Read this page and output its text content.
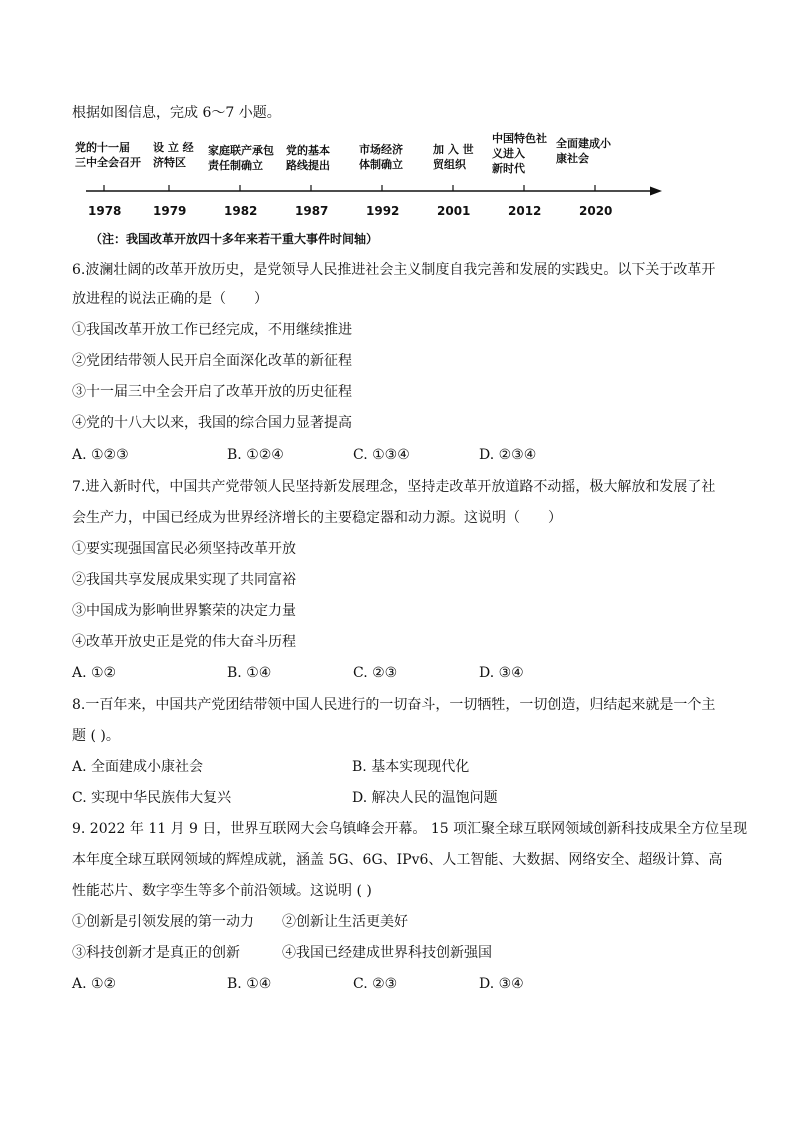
根据如图信息，完成 6～7 小题。
党的十一届
三中全会召开
设 立 经
济特区
家庭联产承包
责任制确立
党的基本
路线提出
市场经济
体制确立
加 入 世
贸组织
中国特色社
义进入
新时代
全面建成小
康社会
1978	1979	1982	1987	1992	2001	2012	2020
（注：我国改革开放四十多年来若干重大事件时间轴）
6.波澜壮阔的改革开放历史，是党领导人民推进社会主义制度自我完善和发展的实践史。以下关于改革开
放进程的说法正确的是（　　）
①我国改革开放工作已经完成，不用继续推进
②党团结带领人民开启全面深化改革的新征程
③十一届三中全会开启了改革开放的历史征程
④党的十八大以来，我国的综合国力显著提高
A. ①②③	B. ①②④	C. ①③④	D. ②③④
7.进入新时代，中国共产党带领人民坚持新发展理念，坚持走改革开放道路不动摇，极大解放和发展了社
会生产力，中国已经成为世界经济增长的主要稳定器和动力源。这说明（　　）
①要实现强国富民必须坚持改革开放
②我国共享发展成果实现了共同富裕
③中国成为影响世界繁荣的决定力量
④改革开放史正是党的伟大奋斗历程
A. ①②	B. ①④	C. ②③	D. ③④
8.一百年来，中国共产党团结带领中国人民进行的一切奋斗，一切牺牲，一切创造，归结起来就是一个主
题 ( )。
A. 全面建成小康社会	B. 基本实现现代化
C. 实现中华民族伟大复兴	D. 解决人民的温饱问题
9. 2022 年 11 月 9 日，世界互联网大会乌镇峰会开幕。 15 项汇聚全球互联网领域创新科技成果全方位呈现
本年度全球互联网领域的辉煌成就，涵盖 5G、6G、IPv6、人工智能、大数据、网络安全、超级计算、高
性能芯片、数字孪生等多个前沿领域。这说明 ( )
①创新是引领发展的第一动力　　②创新让生活更美好
③科技创新才是真正的创新　　　④我国已经建成世界科技创新强国
A. ①②	B. ①④	C. ②③	D. ③④
